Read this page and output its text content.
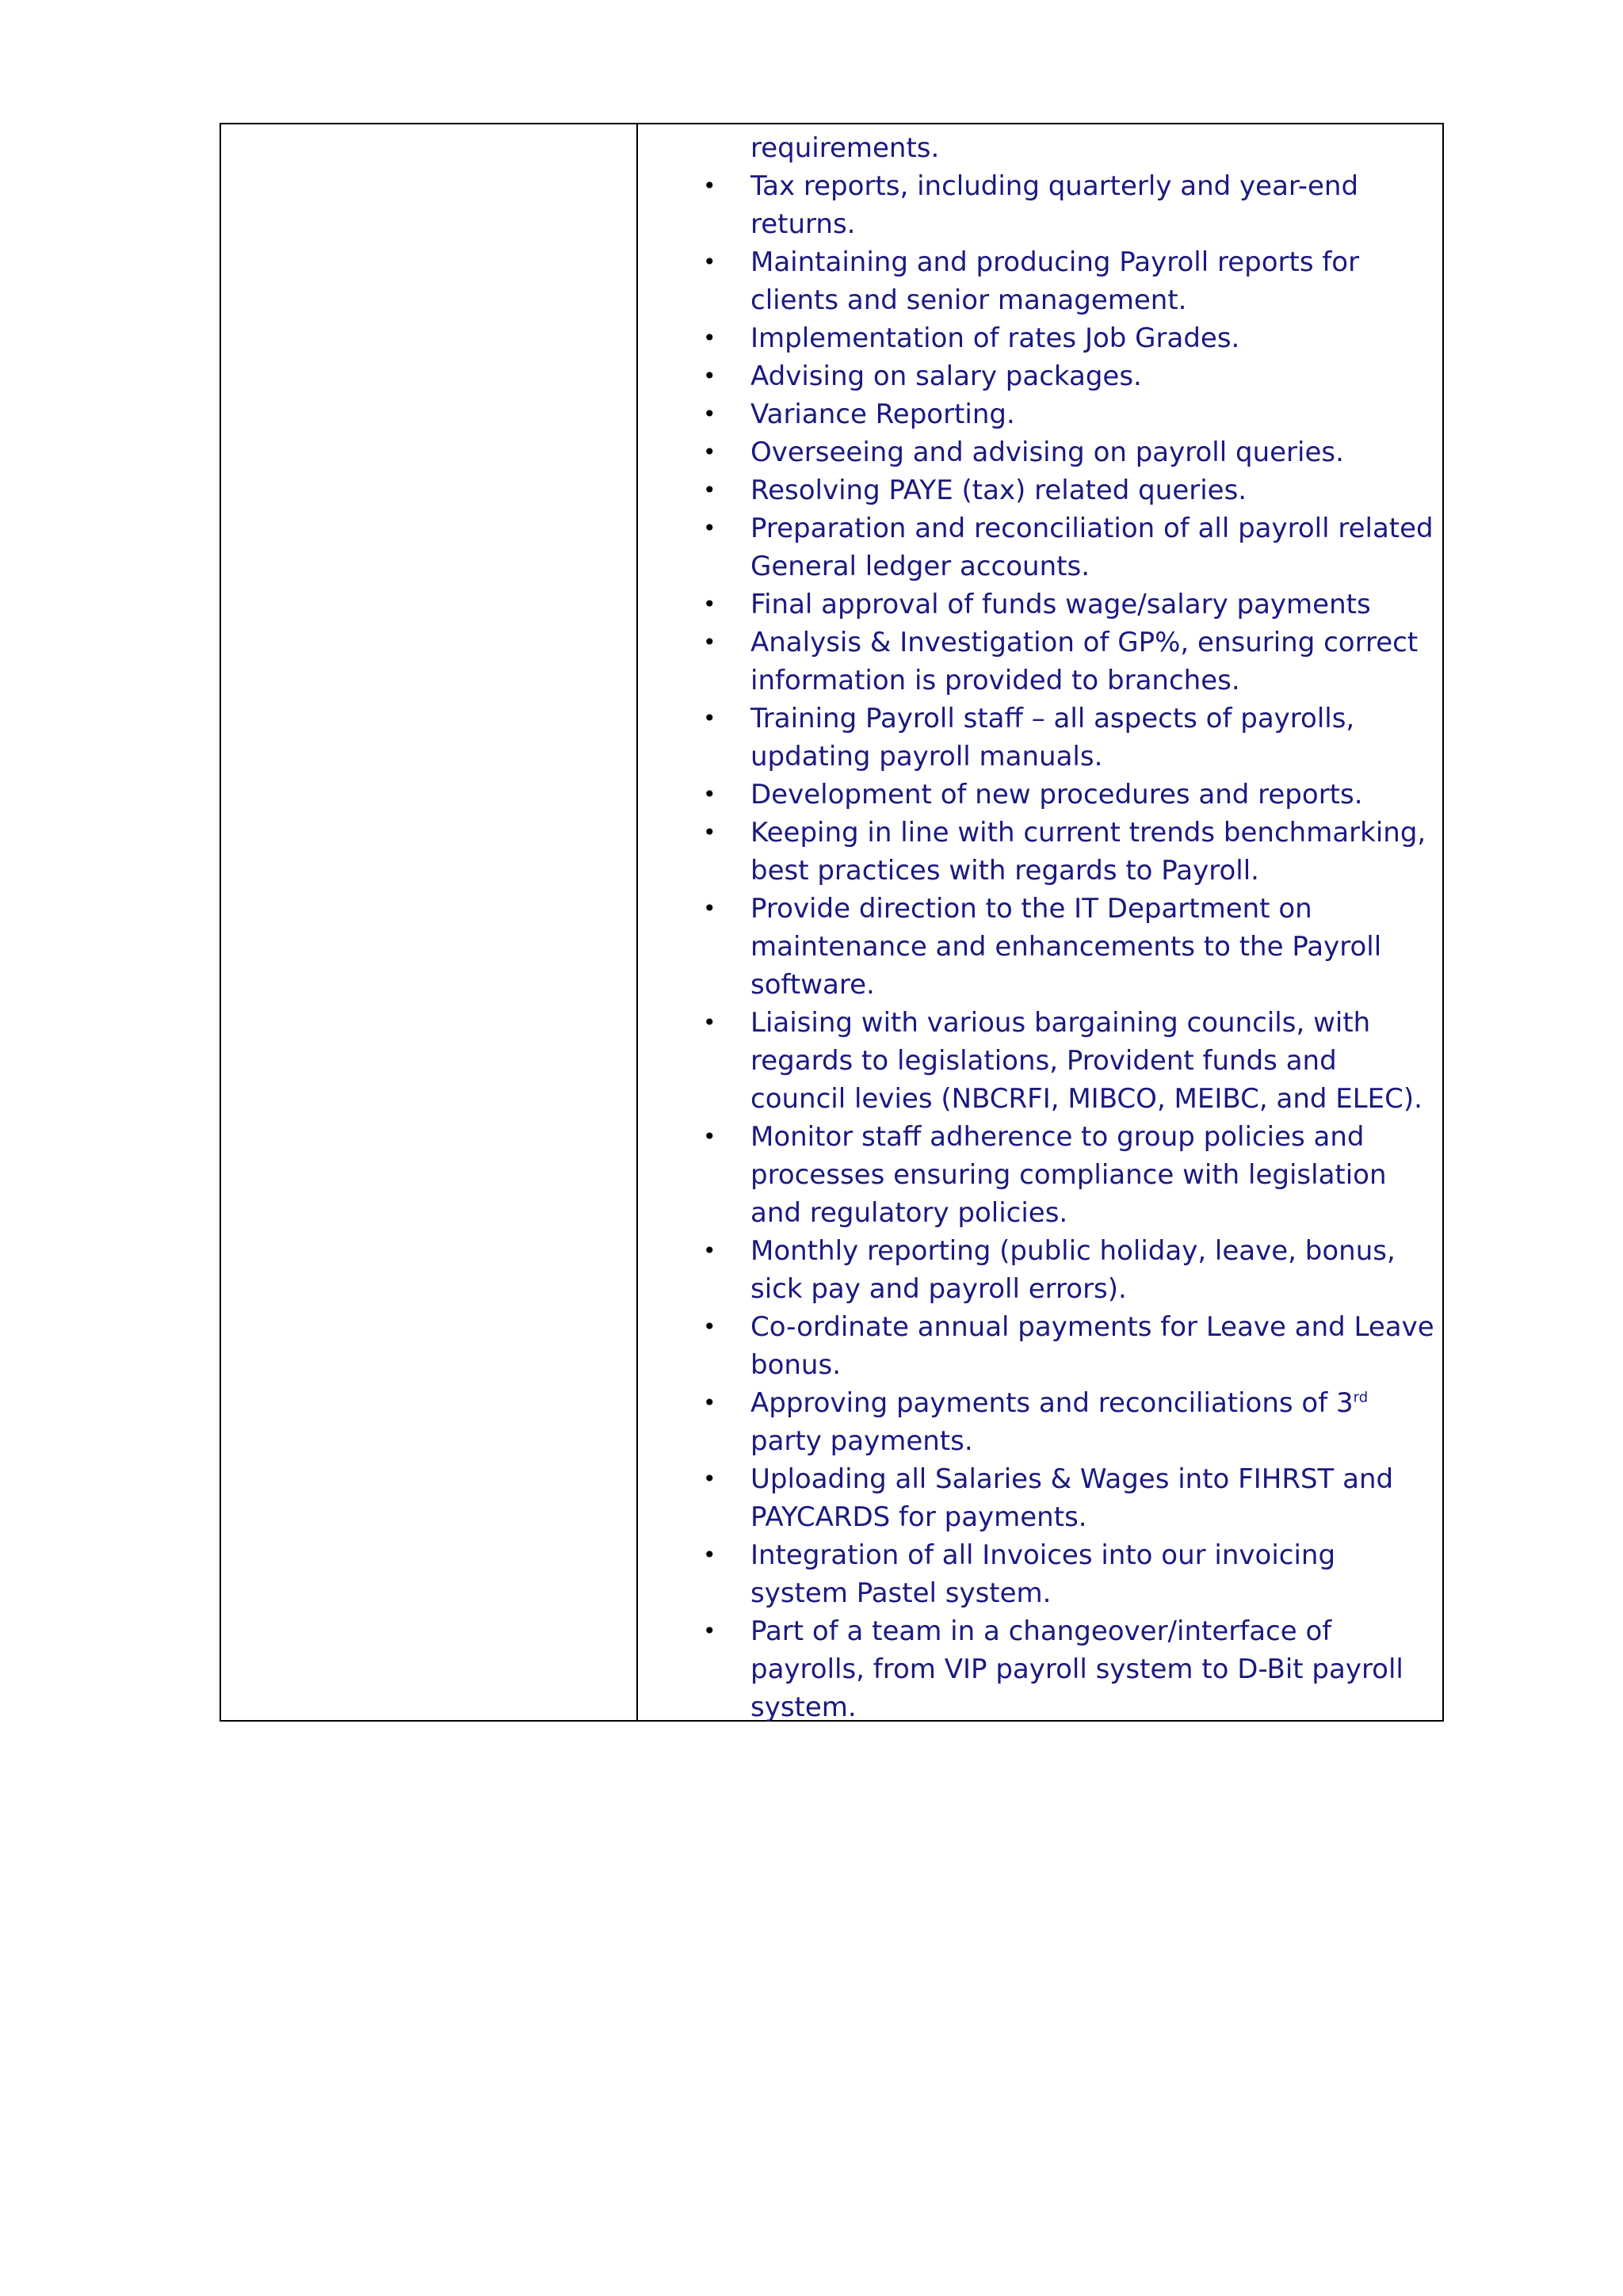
requirements.
• Tax reports, including quarterly and year-end returns.
• Maintaining and producing Payroll reports for clients and senior management.
• Implementation of rates Job Grades.
• Advising on salary packages.
• Variance Reporting.
• Overseeing and advising on payroll queries.
• Resolving PAYE (tax) related queries.
• Preparation and reconciliation of all payroll related General ledger accounts.
• Final approval of funds wage/salary payments
• Analysis & Investigation of GP%, ensuring correct information is provided to branches.
• Training Payroll staff – all aspects of payrolls, updating payroll manuals.
• Development of new procedures and reports.
• Keeping in line with current trends benchmarking, best practices with regards to Payroll.
• Provide direction to the IT Department on maintenance and enhancements to the Payroll software.
• Liaising with various bargaining councils, with regards to legislations, Provident funds and council levies (NBCRFI, MIBCO, MEIBC, and ELEC).
• Monitor staff adherence to group policies and processes ensuring compliance with legislation and regulatory policies.
• Monthly reporting (public holiday, leave, bonus, sick pay and payroll errors).
• Co-ordinate annual payments for Leave and Leave bonus.
• Approving payments and reconciliations of 3rd party payments.
• Uploading all Salaries & Wages into FIHRST and PAYCARDS for payments.
• Integration of all Invoices into our invoicing system Pastel system.
• Part of a team in a changeover/interface of payrolls, from VIP payroll system to D-Bit payroll system.
